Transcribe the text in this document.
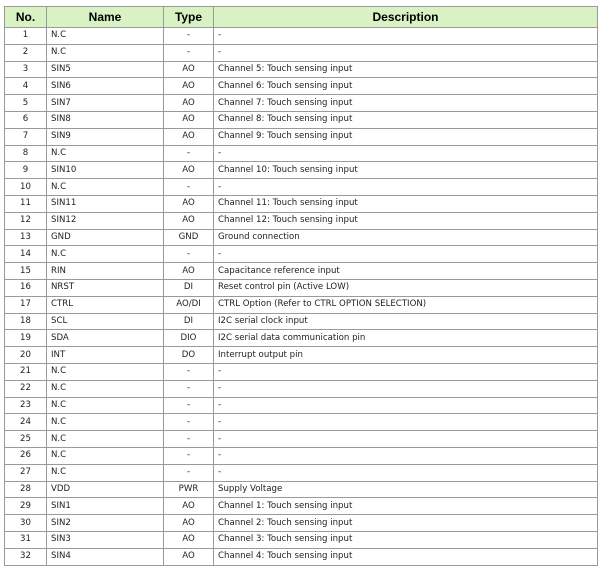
No.	Name	Type	Description
1	N.C	-	-
2	N.C	-	-
3	SIN5	AO	Channel 5: Touch sensing input
4	SIN6	AO	Channel 6: Touch sensing input
5	SIN7	AO	Channel 7: Touch sensing input
6	SIN8	AO	Channel 8: Touch sensing input
7	SIN9	AO	Channel 9: Touch sensing input
8	N.C	-	-
9	SIN10	AO	Channel 10: Touch sensing input
10	N.C	-	-
11	SIN11	AO	Channel 11: Touch sensing input
12	SIN12	AO	Channel 12: Touch sensing input
13	GND	GND	Ground connection
14	N.C	-	-
15	RIN	AO	Capacitance reference input
16	NRST	DI	Reset control pin (Active LOW)
17	CTRL	AO/DI	CTRL Option (Refer to CTRL OPTION SELECTION)
18	SCL	DI	I2C serial clock input
19	SDA	DIO	I2C serial data communication pin
20	INT	DO	Interrupt output pin
21	N.C	-	-
22	N.C	-	-
23	N.C	-	-
24	N.C	-	-
25	N.C	-	-
26	N.C	-	-
27	N.C	-	-
28	VDD	PWR	Supply Voltage
29	SIN1	AO	Channel 1: Touch sensing input
30	SIN2	AO	Channel 2: Touch sensing input
31	SIN3	AO	Channel 3: Touch sensing input
32	SIN4	AO	Channel 4: Touch sensing input
